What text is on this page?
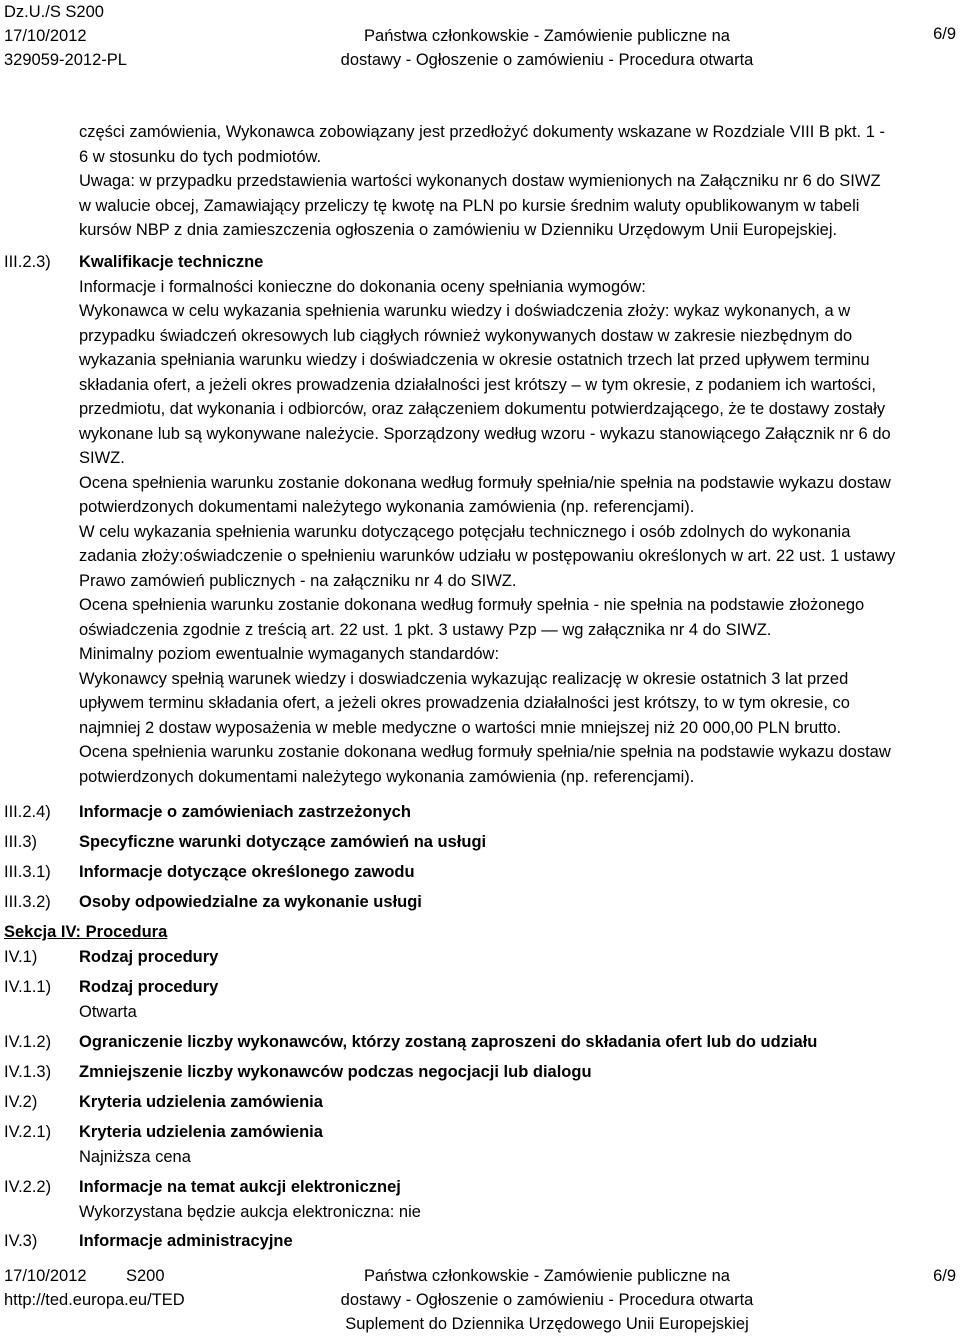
Dz.U./S S200
17/10/2012
329059-2012-PL
Państwa członkowskie - Zamówienie publiczne na
dostawy - Ogłoszenie o zamówieniu - Procedura otwarta
6/9

części zamówienia, Wykonawca zobowiązany jest przedłożyć dokumenty wskazane w Rozdziale VIII B pkt. 1 -

6 w stosunku do tych podmiotów.

Uwaga: w przypadku przedstawienia wartości wykonanych dostaw wymienionych na Załączniku nr 6 do SIWZ

w walucie obcej, Zamawiający przeliczy tę kwotę na PLN po kursie średnim waluty opublikowanym w tabeli

kursów NBP z dnia zamieszczenia ogłoszenia o zamówieniu w Dzienniku Urzędowym Unii Europejskiej.

III.2.3) Kwalifikacje techniczne

Informacje i formalności konieczne do dokonania oceny spełniania wymogów:

Wykonawca w celu wykazania spełnienia warunku wiedzy i doświadczenia złoży: wykaz wykonanych, a w

przypadku świadczeń okresowych lub ciągłych również wykonywanych dostaw w zakresie niezbędnym do

wykazania spełniania warunku wiedzy i doświadczenia w okresie ostatnich trzech lat przed upływem terminu

składania ofert, a jeżeli okres prowadzenia działalności jest krótszy – w tym okresie, z podaniem ich wartości,

przedmiotu, dat wykonania i odbiorców, oraz załączeniem dokumentu potwierdzającego, że te dostawy zostały

wykonane lub są wykonywane należycie. Sporządzony według wzoru - wykazu stanowiącego Załącznik nr 6 do

SIWZ.

Ocena spełnienia warunku zostanie dokonana według formuły spełnia/nie spełnia na podstawie wykazu dostaw

potwierdzonych dokumentami należytego wykonania zamówienia (np. referencjami).

W celu wykazania spełnienia warunku dotyczącego potęcjału technicznego i osób zdolnych do wykonania

zadania złoży:oświadczenie o spełnieniu warunków udziału w postępowaniu określonych w art. 22 ust. 1 ustawy

Prawo zamówień publicznych - na załączniku nr 4 do SIWZ.

Ocena spełnienia warunku zostanie dokonana według formuły spełnia - nie spełnia na podstawie złożonego

oświadczenia zgodnie z treścią art. 22 ust. 1 pkt. 3 ustawy Pzp — wg załącznika nr 4 do SIWZ.

Minimalny poziom ewentualnie wymaganych standardów:

Wykonawcy spełnią warunek wiedzy i doswiadczenia wykazując realizację w okresie ostatnich 3 lat przed

upływem terminu składania ofert, a jeżeli okres prowadzenia działalności jest krótszy, to w tym okresie, co

najmniej 2 dostaw wyposażenia w meble medyczne o wartości mnie mniejszej niż 20 000,00 PLN brutto.

Ocena spełnienia warunku zostanie dokonana według formuły spełnia/nie spełnia na podstawie wykazu dostaw

potwierdzonych dokumentami należytego wykonania zamówienia (np. referencjami).

III.2.4) Informacje o zamówieniach zastrzeżonych
III.3)	Specyficzne warunki dotyczące zamówień na usługi
III.3.1) Informacje dotyczące określonego zawodu
III.3.2) Osoby odpowiedzialne za wykonanie usługi
Sekcja IV: Procedura
IV.1)	Rodzaj procedury
IV.1.1) Rodzaj procedury

Otwarta

IV.1.2) Ograniczenie liczby wykonawców, którzy zostaną zaproszeni do składania ofert lub do udziału
IV.1.3) Zmniejszenie liczby wykonawców podczas negocjacji lub dialogu
IV.2)	Kryteria udzielenia zamówienia
IV.2.1) Kryteria udzielenia zamówienia

Najniższa cena

IV.2.2) Informacje na temat aukcji elektronicznej

Wykorzystana będzie aukcja elektroniczna: nie

IV.3)	Informacje administracyjne
17/10/2012
http://ted.europa.eu/TED
S200	Państwa członkowskie - Zamówienie publiczne na
dostawy - Ogłoszenie o zamówieniu - Procedura otwarta
Suplement do Dziennika Urzędowego Unii Europejskiej
6/9
